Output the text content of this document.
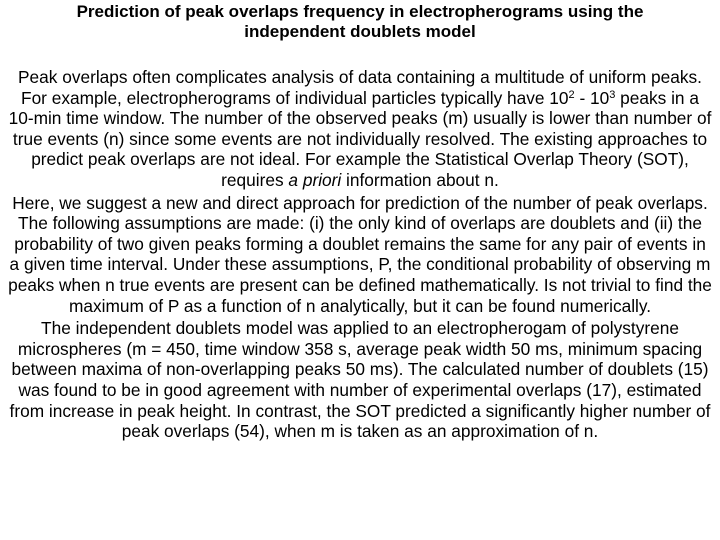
Prediction of peak overlaps frequency in electropherograms using the
independent doublets model

Peak overlaps often complicates analysis of data containing a multitude of uniform peaks. For example, electropherograms of individual particles typically have $10^2 - 10^3$ peaks in a 10-min time window. The number of the observed peaks (m) usually is lower than number of true events (n) since some events are not individually resolved. The existing approaches to predict peak overlaps are not ideal. For example the Statistical Overlap Theory (SOT), requires a priori information about n.

Here, we suggest a new and direct approach for prediction of the number of peak overlaps. The following assumptions are made: (i) the only kind of overlaps are doublets and (ii) the probability of two given peaks forming a doublet remains the same for any pair of events in a given time interval. Under these assumptions, P, the conditional probability of observing m peaks when n true events are present can be defined mathematically. Is not trivial to find the maximum of P as a function of n analytically, but it can be found numerically.

The independent doublets model was applied to an electropherogam of polystyrene microspheres (m = 450, time window 358 s, average peak width 50 ms, minimum spacing between maxima of non-overlapping peaks 50 ms). The calculated number of doublets (15) was found to be in good agreement with number of experimental overlaps (17), estimated from increase in peak height. In contrast, the SOT predicted a significantly higher number of peak overlaps (54), when m is taken as an approximation of n.
